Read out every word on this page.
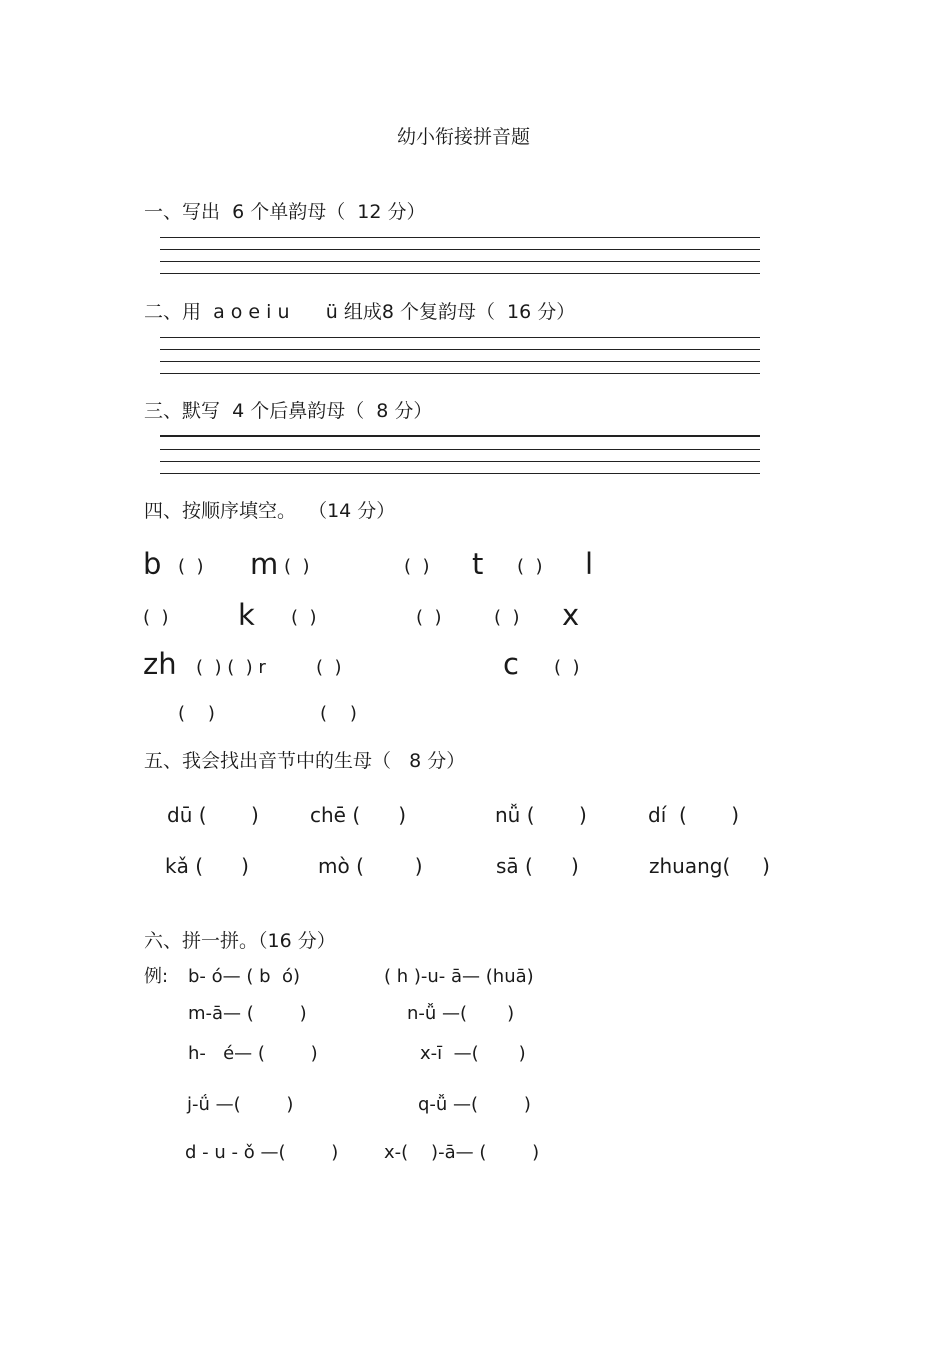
幼小衔接拼音题
一、写出  6 个单韵母（  12 分）
二、用  a o e i u      ü 组成8 个复韵母（  16 分）
三、默写  4 个后鼻韵母（  8 分）
四、按顺序填空。  （14 分）
b (  ) m (  )	(  ) t (  ) l
(  ) k (  )	(  )	(  ) x
zh (  ) (  ) r	(  )	c (  )
(    )	(    )
五、我会找出音节中的生母（   8 分）
dū (       )	chē (      )	nǚ (       )	dí  (       )
kǎ (      )	mò (        )	sā (      )	zhuang(     )
六、拼一拼。（16 分）
例: b- ó— ( b  ó)	( h )-u- ā— (huā)
m-ā— (        )	n-ǚ —(       )
h-   é— (        )	x-ī  —(       )
j-ǘ —(        )	q-ǚ —(        )
d - u - ǒ —(        )	x-(    )-ā— (        )
